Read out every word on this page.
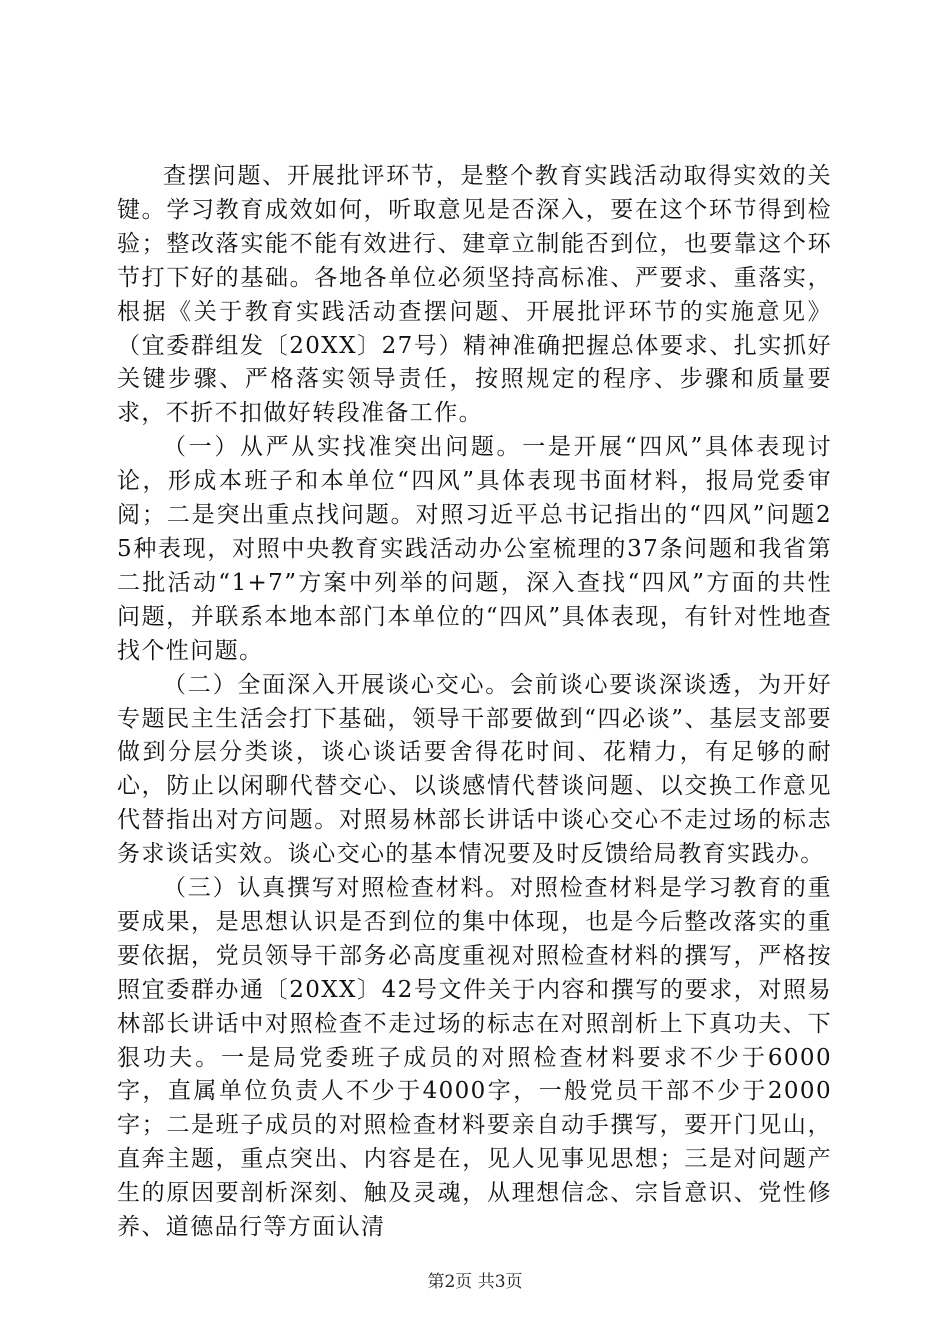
查摆问题、开展批评环节，是整个教育实践活动取得实效的关键。学习教育成效如何，听取意见是否深入，要在这个环节得到检验；整改落实能不能有效进行、建章立制能否到位，也要靠这个环节打下好的基础。各地各单位必须坚持高标准、严要求、重落实，根据《关于教育实践活动查摆问题、开展批评环节的实施意见》（宜委群组发〔20XX〕27号）精神准确把握总体要求、扎实抓好关键步骤、严格落实领导责任，按照规定的程序、步骤和质量要求，不折不扣做好转段准备工作。

（一）从严从实找准突出问题。一是开展“四风”具体表现讨论，形成本班子和本单位“四风”具体表现书面材料，报局党委审阅；二是突出重点找问题。对照习近平总书记指出的“四风”问题25种表现，对照中央教育实践活动办公室梳理的37条问题和我省第二批活动“1+7”方案中列举的问题，深入查找“四风”方面的共性问题，并联系本地本部门本单位的“四风”具体表现，有针对性地查找个性问题。

（二）全面深入开展谈心交心。会前谈心要谈深谈透，为开好专题民主生活会打下基础，领导干部要做到“四必谈”、基层支部要做到分层分类谈，谈心谈话要舍得花时间、花精力，有足够的耐心，防止以闲聊代替交心、以谈感情代替谈问题、以交换工作意见代替指出对方问题。对照易林部长讲话中谈心交心不走过场的标志务求谈话实效。谈心交心的基本情况要及时反馈给局教育实践办。

（三）认真撰写对照检查材料。对照检查材料是学习教育的重要成果，是思想认识是否到位的集中体现，也是今后整改落实的重要依据，党员领导干部务必高度重视对照检查材料的撰写，严格按照宜委群办通〔20XX〕42号文件关于内容和撰写的要求，对照易林部长讲话中对照检查不走过场的标志在对照剖析上下真功夫、下狠功夫。一是局党委班子成员的对照检查材料要求不少于6000字，直属单位负责人不少于4000字，一般党员干部不少于2000字；二是班子成员的对照检查材料要亲自动手撰写，要开门见山，直奔主题，重点突出、内容是在，见人见事见思想；三是对问题产生的原因要剖析深刻、触及灵魂，从理想信念、宗旨意识、党性修养、道德品行等方面认清

第2页 共3页
